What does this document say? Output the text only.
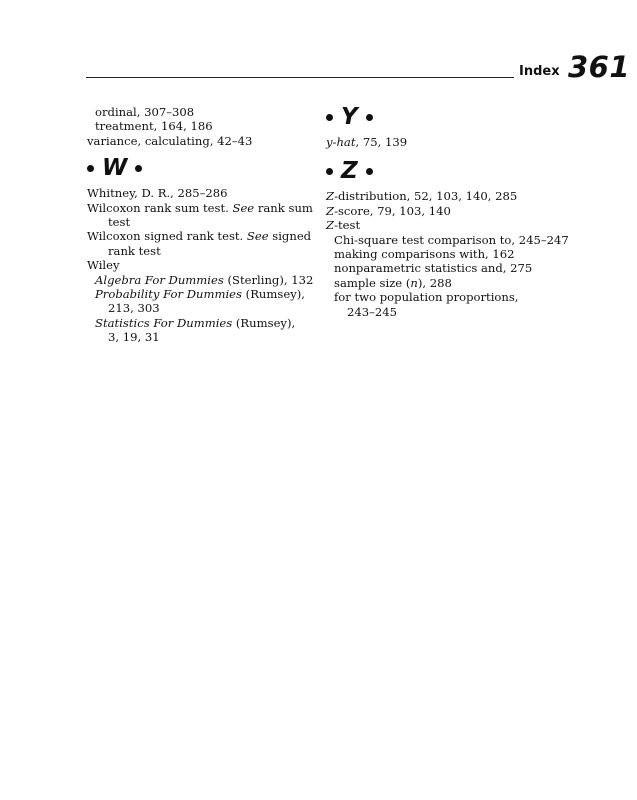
Index 361

ordinal, 307–308

treatment, 164, 186

variance, calculating, 42–43

W

Whitney, D. R., 285–286

Wilcoxon rank sum test. See rank sum

test

Wilcoxon signed rank test. See signed

rank test

Wiley

Algebra For Dummies (Sterling), 132

Probability For Dummies (Rumsey),

213, 303

Statistics For Dummies (Rumsey),

3, 19, 31

Y

y-hat, 75, 139

Z

Z-distribution, 52, 103, 140, 285

Z-score, 79, 103, 140

Z-test

Chi-square test comparison to, 245–247

making comparisons with, 162

nonparametric statistics and, 275

sample size (n), 288

for two population proportions,

243–245
